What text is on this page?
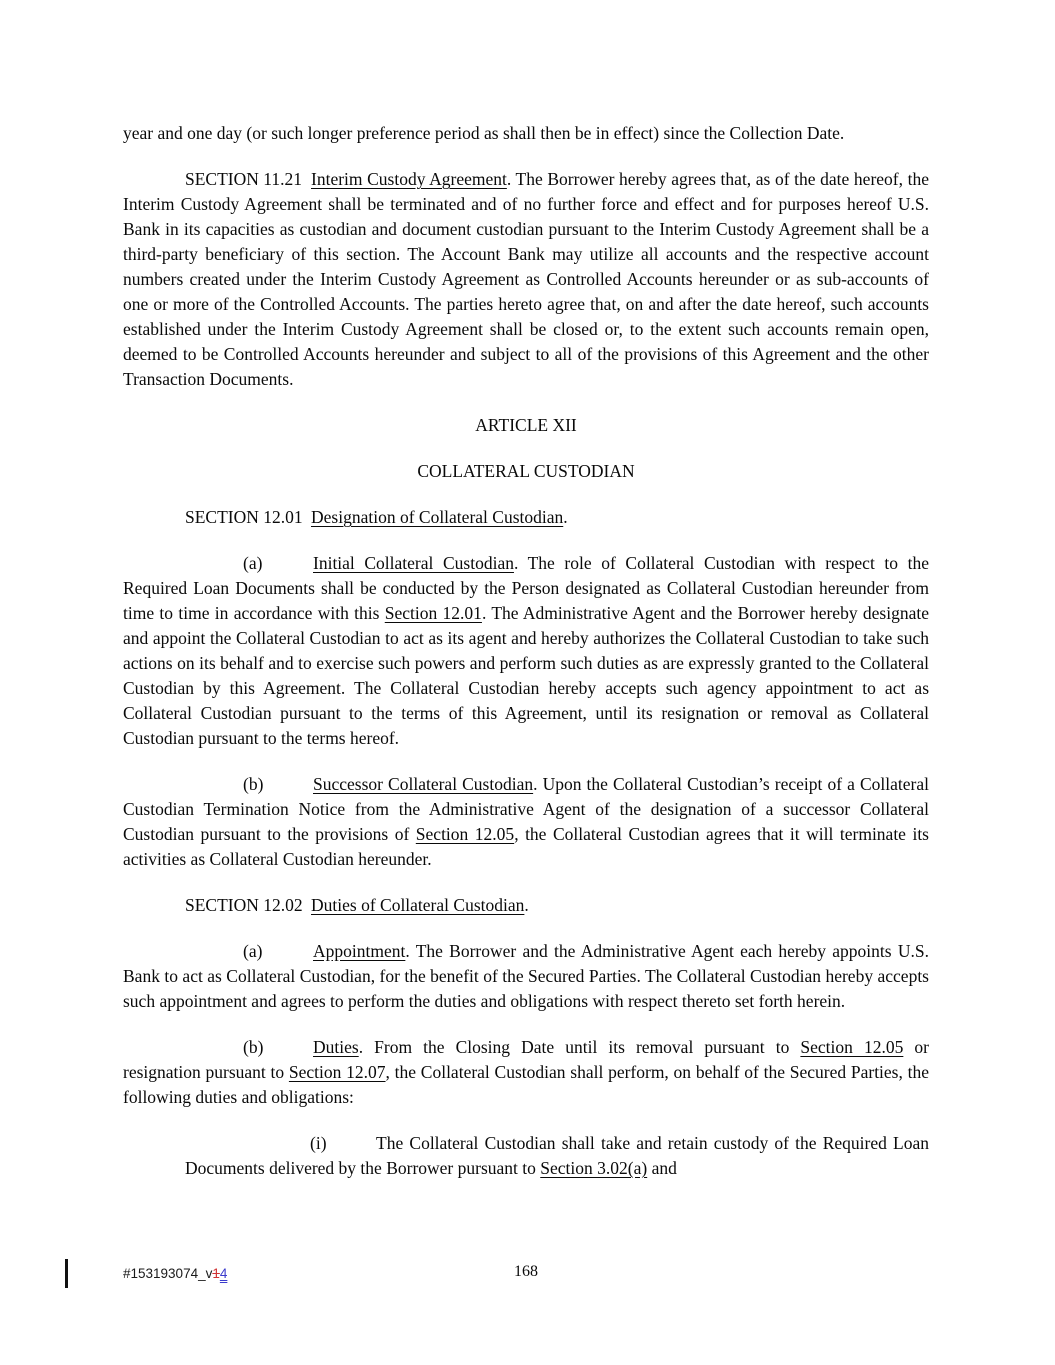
year and one day (or such longer preference period as shall then be in effect) since the Collection Date.

SECTION 11.21 Interim Custody Agreement. The Borrower hereby agrees that, as of the date hereof, the Interim Custody Agreement shall be terminated and of no further force and effect and for purposes hereof U.S. Bank in its capacities as custodian and document custodian pursuant to the Interim Custody Agreement shall be a third-party beneficiary of this section. The Account Bank may utilize all accounts and the respective account numbers created under the Interim Custody Agreement as Controlled Accounts hereunder or as sub-accounts of one or more of the Controlled Accounts. The parties hereto agree that, on and after the date hereof, such accounts established under the Interim Custody Agreement shall be closed or, to the extent such accounts remain open, deemed to be Controlled Accounts hereunder and subject to all of the provisions of this Agreement and the other Transaction Documents.

ARTICLE XII

COLLATERAL CUSTODIAN

SECTION 12.01 Designation of Collateral Custodian.

(a)	Initial Collateral Custodian. The role of Collateral Custodian with respect to the Required Loan Documents shall be conducted by the Person designated as Collateral Custodian hereunder from time to time in accordance with this Section 12.01. The Administrative Agent and the Borrower hereby designate and appoint the Collateral Custodian to act as its agent and hereby authorizes the Collateral Custodian to take such actions on its behalf and to exercise such powers and perform such duties as are expressly granted to the Collateral Custodian by this Agreement. The Collateral Custodian hereby accepts such agency appointment to act as Collateral Custodian pursuant to the terms of this Agreement, until its resignation or removal as Collateral Custodian pursuant to the terms hereof.

(b)	Successor Collateral Custodian. Upon the Collateral Custodian’s receipt of a Collateral Custodian Termination Notice from the Administrative Agent of the designation of a successor Collateral Custodian pursuant to the provisions of Section 12.05, the Collateral Custodian agrees that it will terminate its activities as Collateral Custodian hereunder.

SECTION 12.02 Duties of Collateral Custodian.

(a)	Appointment. The Borrower and the Administrative Agent each hereby appoints U.S. Bank to act as Collateral Custodian, for the benefit of the Secured Parties. The Collateral Custodian hereby accepts such appointment and agrees to perform the duties and obligations with respect thereto set forth herein.

(b)	Duties. From the Closing Date until its removal pursuant to Section 12.05 or resignation pursuant to Section 12.07, the Collateral Custodian shall perform, on behalf of the Secured Parties, the following duties and obligations:

(i)	The Collateral Custodian shall take and retain custody of the Required Loan Documents delivered by the Borrower pursuant to Section 3.02(a) and

#153193074_v14	168
